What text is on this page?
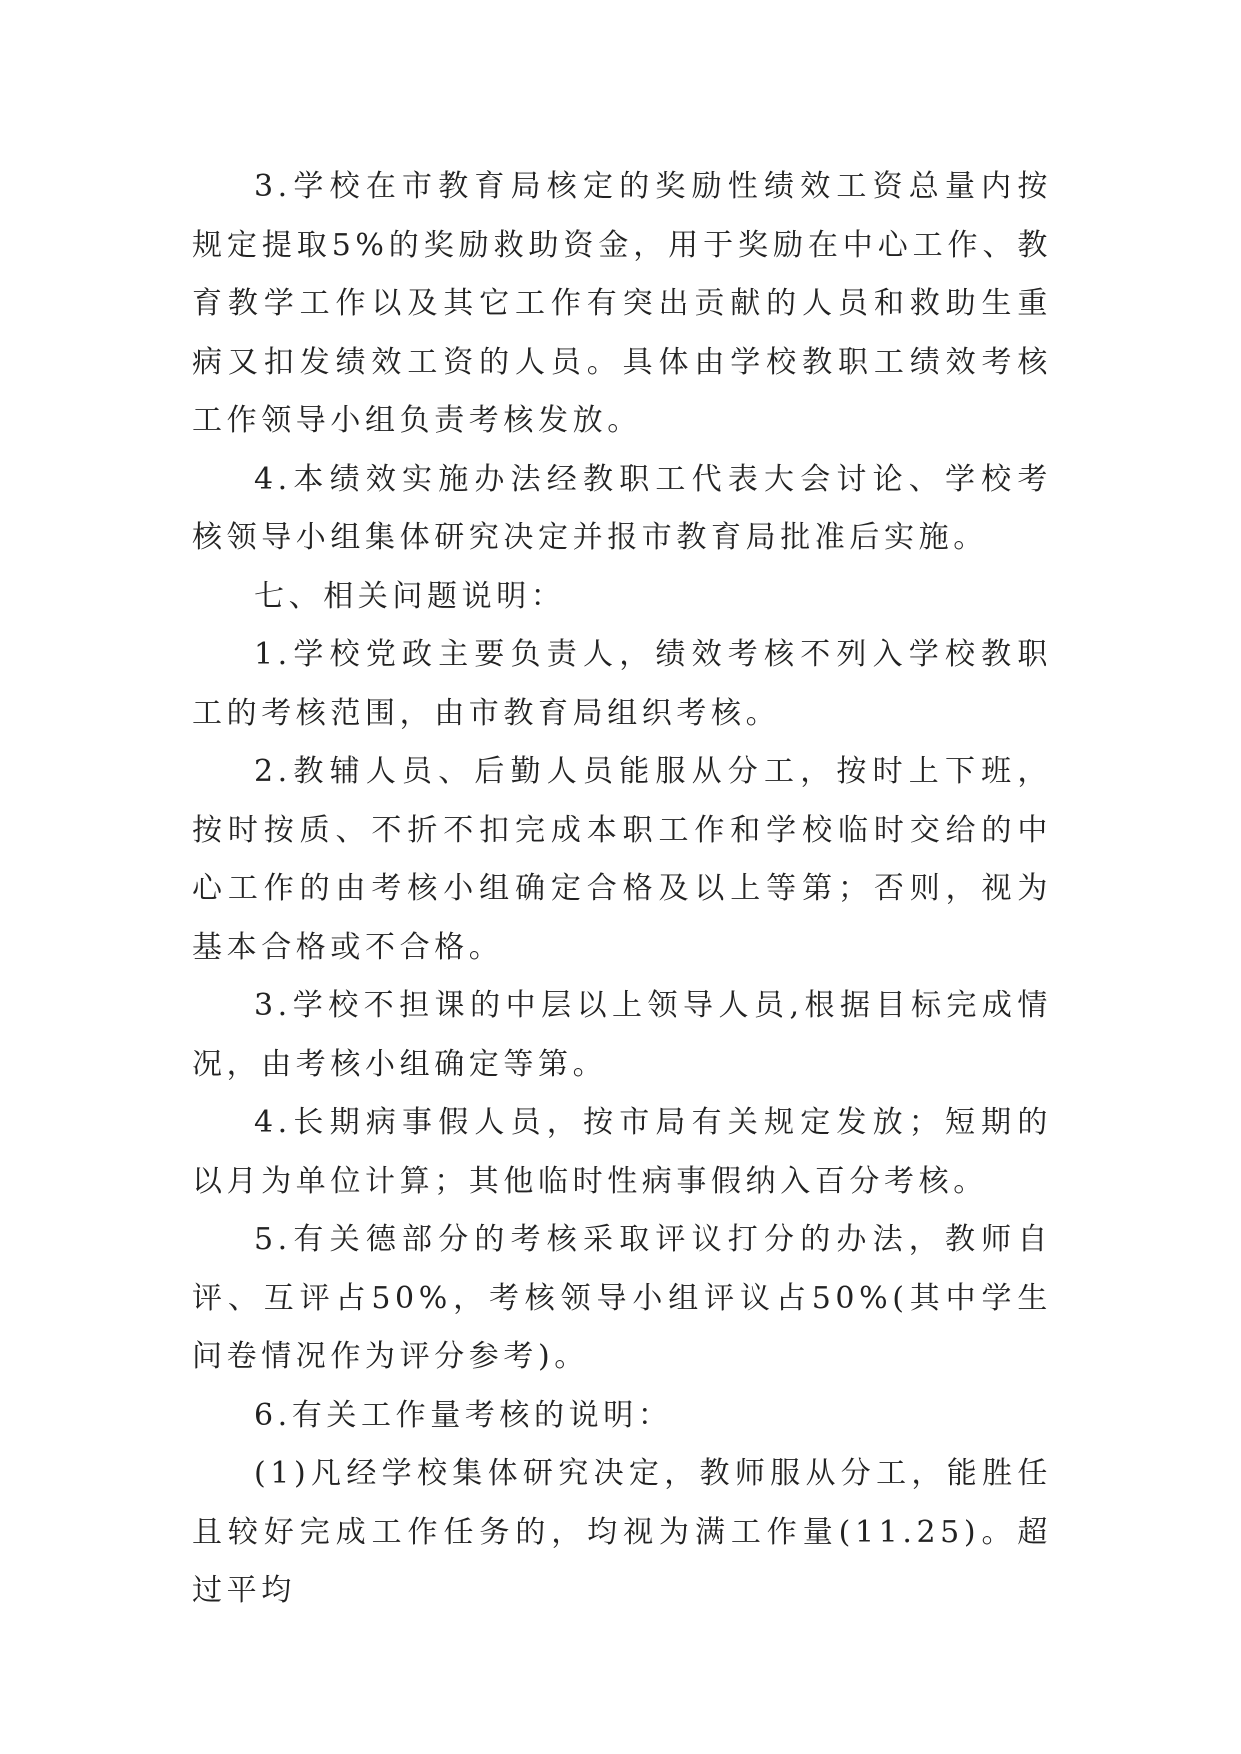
3.学校在市教育局核定的奖励性绩效工资总量内按规定提取5%的奖励救助资金，用于奖励在中心工作、教育教学工作以及其它工作有突出贡献的人员和救助生重病又扣发绩效工资的人员。具体由学校教职工绩效考核工作领导小组负责考核发放。

4.本绩效实施办法经教职工代表大会讨论、学校考核领导小组集体研究决定并报市教育局批准后实施。

七、相关问题说明：

1.学校党政主要负责人，绩效考核不列入学校教职工的考核范围，由市教育局组织考核。

2.教辅人员、后勤人员能服从分工，按时上下班，按时按质、不折不扣完成本职工作和学校临时交给的中心工作的由考核小组确定合格及以上等第；否则，视为基本合格或不合格。

3.学校不担课的中层以上领导人员,根据目标完成情况，由考核小组确定等第。

4.长期病事假人员，按市局有关规定发放；短期的以月为单位计算；其他临时性病事假纳入百分考核。

5.有关德部分的考核采取评议打分的办法，教师自评、互评占50%，考核领导小组评议占50%(其中学生问卷情况作为评分参考)。

6.有关工作量考核的说明：

(1)凡经学校集体研究决定，教师服从分工，能胜任且较好完成工作任务的，均视为满工作量(11.25)。超过平均
